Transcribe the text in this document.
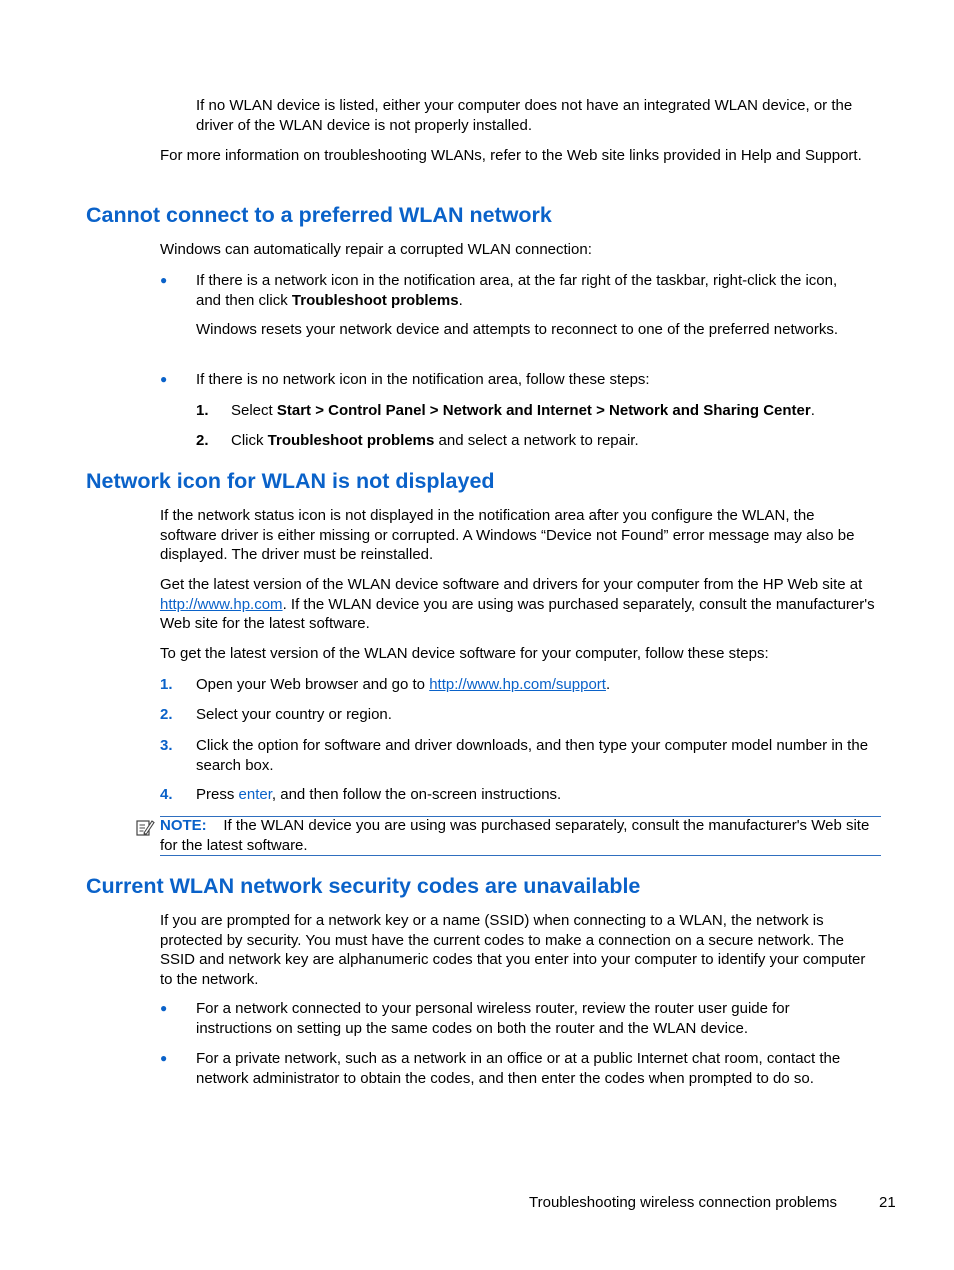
If no WLAN device is listed, either your computer does not have an integrated WLAN device, or the driver of the WLAN device is not properly installed.
For more information on troubleshooting WLANs, refer to the Web site links provided in Help and Support.
Cannot connect to a preferred WLAN network
Windows can automatically repair a corrupted WLAN connection:
● If there is a network icon in the notification area, at the far right of the taskbar, right-click the icon, and then click Troubleshoot problems.
Windows resets your network device and attempts to reconnect to one of the preferred networks.
● If there is no network icon in the notification area, follow these steps:
1. Select Start > Control Panel > Network and Internet > Network and Sharing Center.
2. Click Troubleshoot problems and select a network to repair.
Network icon for WLAN is not displayed
If the network status icon is not displayed in the notification area after you configure the WLAN, the software driver is either missing or corrupted. A Windows “Device not Found” error message may also be displayed. The driver must be reinstalled.
Get the latest version of the WLAN device software and drivers for your computer from the HP Web site at http://www.hp.com. If the WLAN device you are using was purchased separately, consult the manufacturer's Web site for the latest software.
To get the latest version of the WLAN device software for your computer, follow these steps:
1. Open your Web browser and go to http://www.hp.com/support.
2. Select your country or region.
3. Click the option for software and driver downloads, and then type your computer model number in the search box.
4. Press enter, and then follow the on-screen instructions.
NOTE: If the WLAN device you are using was purchased separately, consult the manufacturer's Web site for the latest software.
Current WLAN network security codes are unavailable
If you are prompted for a network key or a name (SSID) when connecting to a WLAN, the network is protected by security. You must have the current codes to make a connection on a secure network. The SSID and network key are alphanumeric codes that you enter into your computer to identify your computer to the network.
● For a network connected to your personal wireless router, review the router user guide for instructions on setting up the same codes on both the router and the WLAN device.
● For a private network, such as a network in an office or at a public Internet chat room, contact the network administrator to obtain the codes, and then enter the codes when prompted to do so.
Troubleshooting wireless connection problems	21
